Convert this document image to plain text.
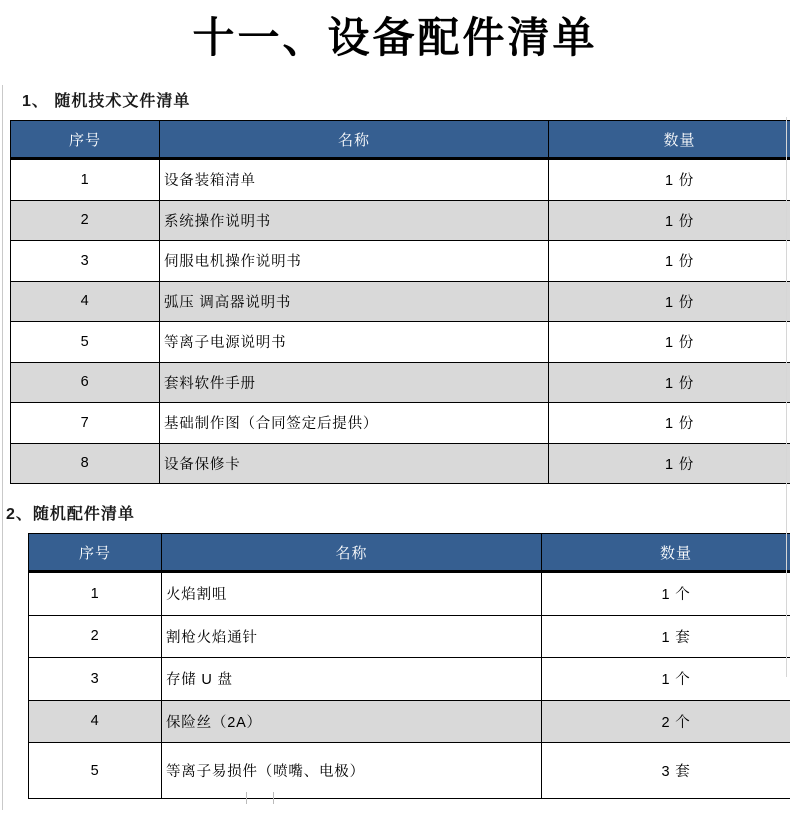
十一、设备配件清单
1、 随机技术文件清单
序号	名称	数量
1	设备装箱清单	1 份
2	系统操作说明书	1 份
3	伺服电机操作说明书	1 份
4	弧压 调高器说明书	1 份
5	等离子电源说明书	1 份
6	套料软件手册	1 份
7	基础制作图（合同签定后提供）	1 份
8	设备保修卡	1 份
2、随机配件清单
序号	名称	数量
1	火焰割咀	1 个
2	割枪火焰通针	1 套
3	存储 U 盘	1 个
4	保险丝（2A）	2 个
5	等离子易损件（喷嘴、电极）	3 套
